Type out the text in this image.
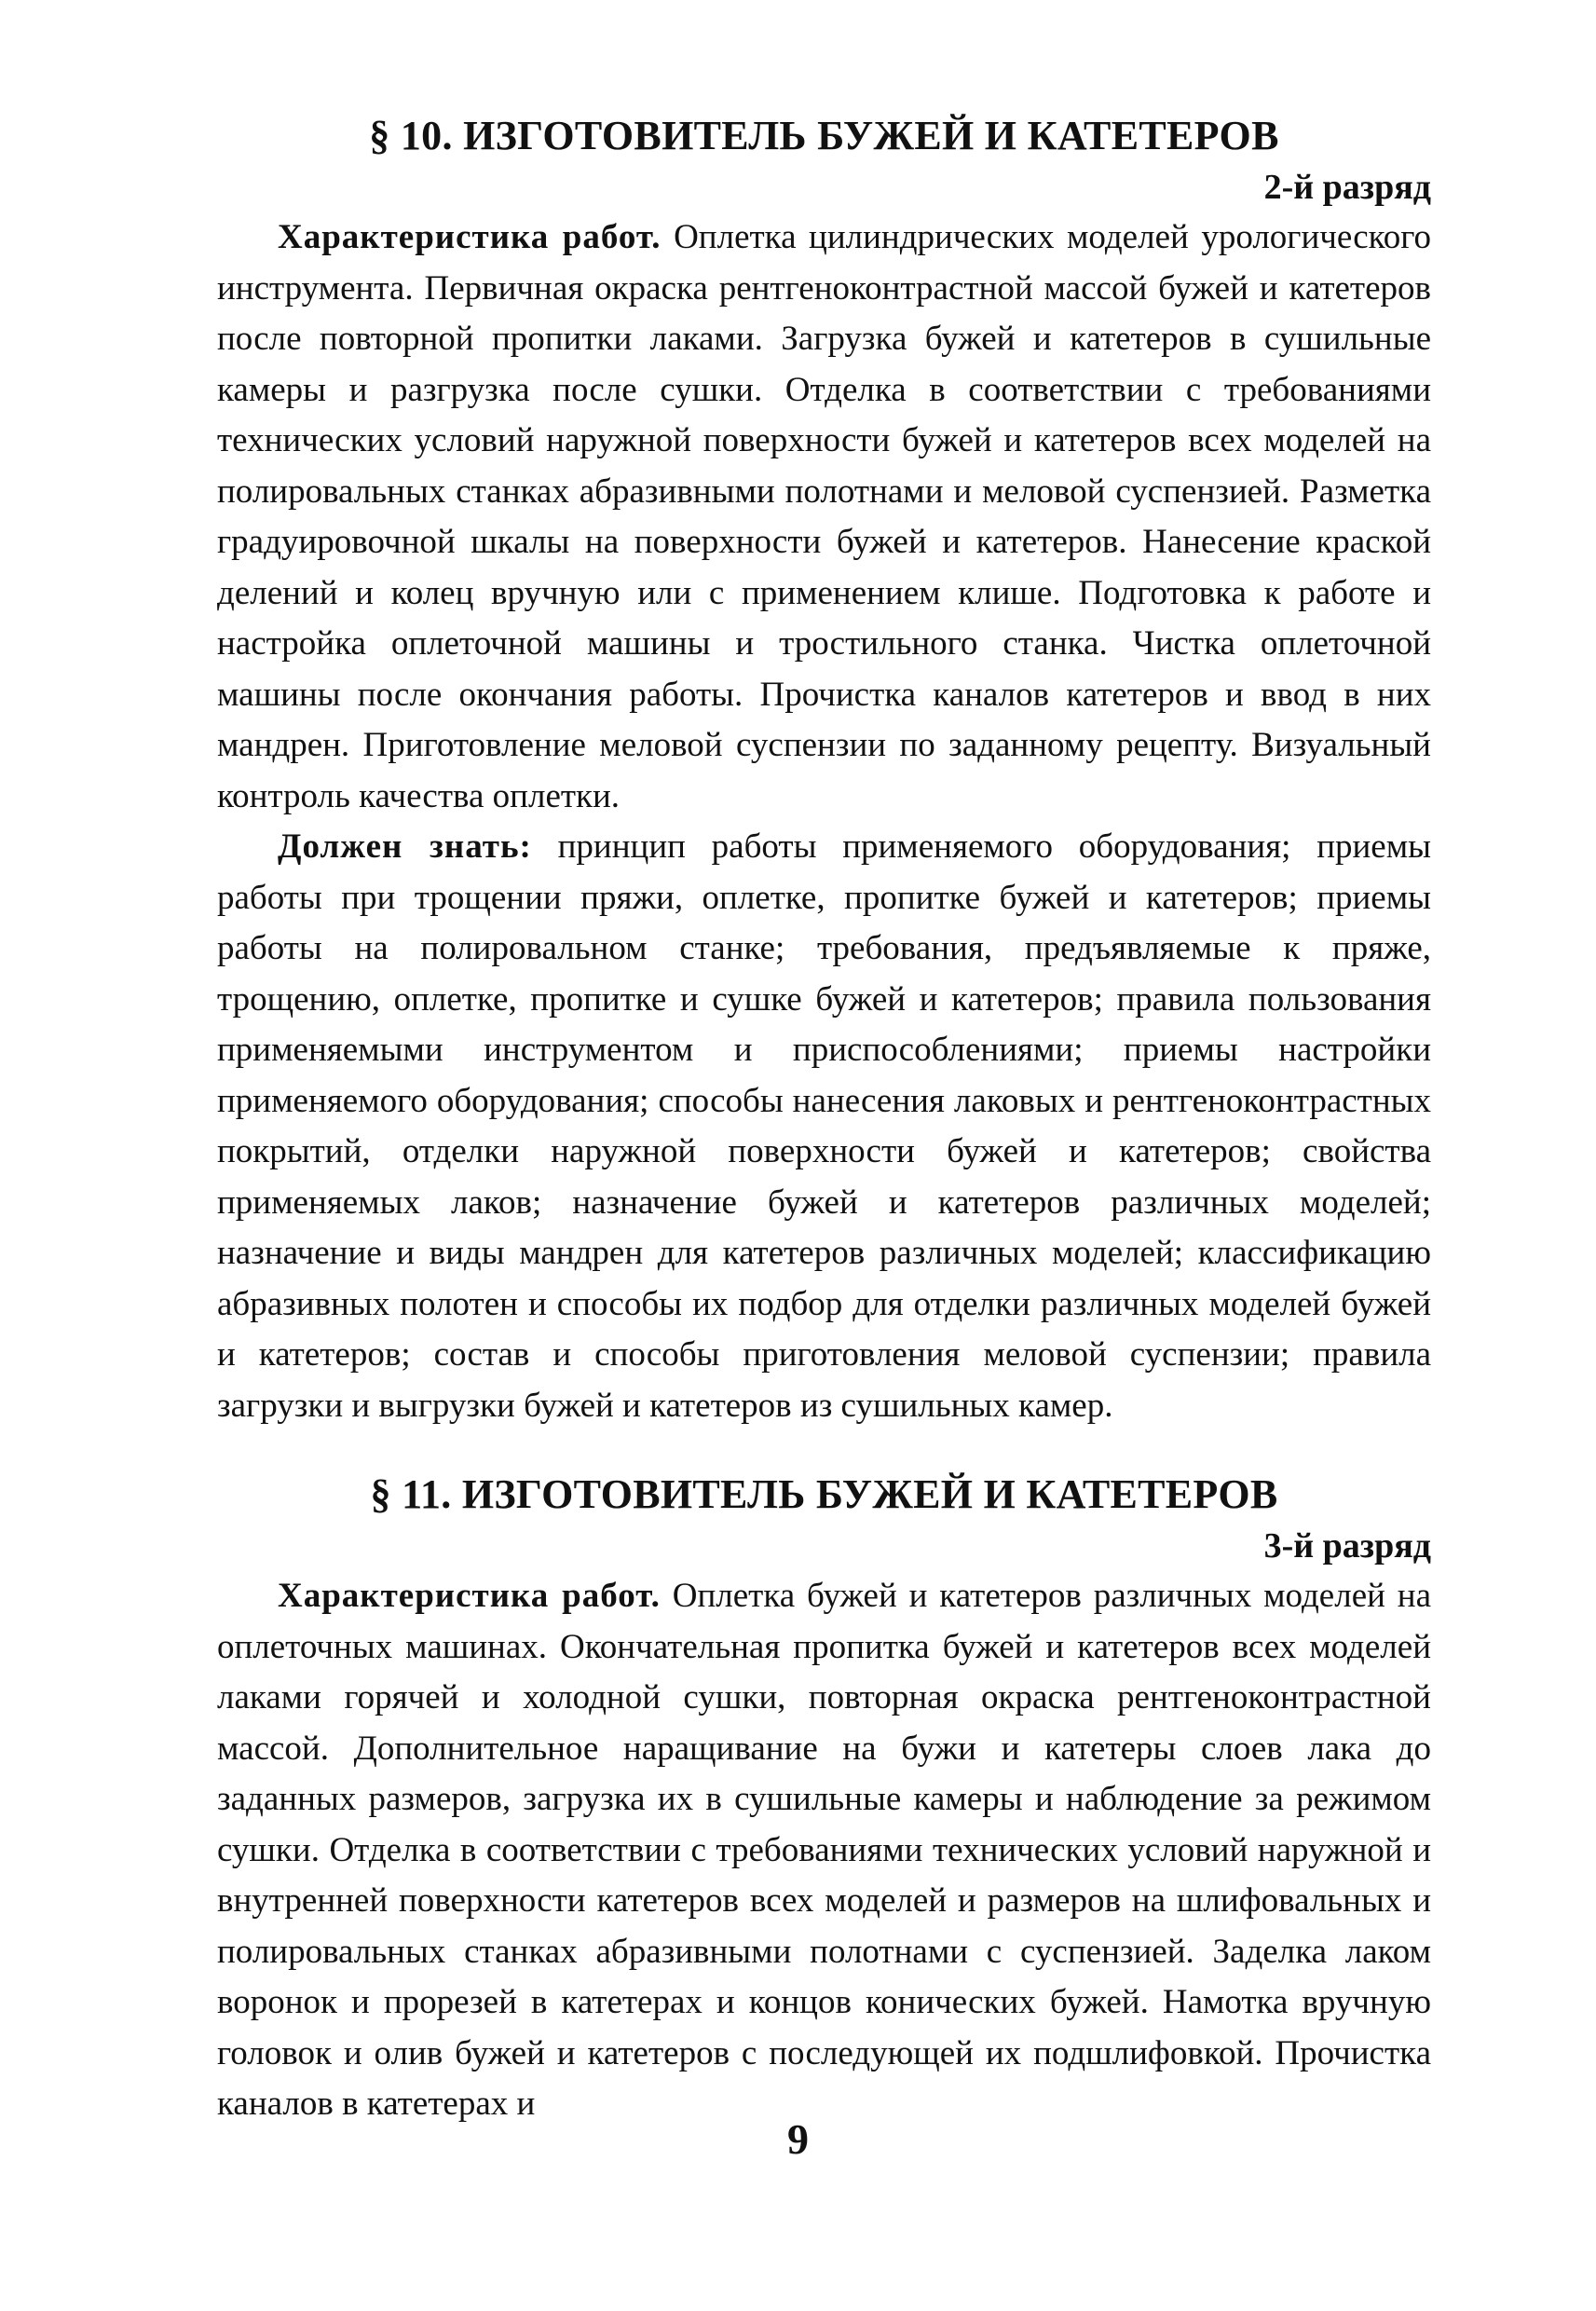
§ 10. ИЗГОТОВИТЕЛЬ БУЖЕЙ И КАТЕТЕРОВ

2-й разряд

Характеристика работ. Оплетка цилиндрических моделей урологического инструмента. Первичная окраска рентгеноконтрастной массой бужей и катетеров после повторной пропитки лаками. Загрузка бужей и катетеров в сушильные камеры и разгрузка после сушки. Отделка в соответствии с требованиями технических условий наружной поверхности бужей и катетеров всех моделей на полировальных станках абразивными полотнами и меловой суспензией. Разметка градуировочной шкалы на поверхности бужей и катетеров. Нанесение краской делений и колец вручную или с применением клише. Подготовка к работе и настройка оплеточной машины и тростильного станка. Чистка оплеточной машины после окончания работы. Прочистка каналов катетеров и ввод в них мандрен. Приготовление меловой суспензии по заданному рецепту. Визуальный контроль качества оплетки.

Должен знать: принцип работы применяемого оборудования; приемы работы при трощении пряжи, оплетке, пропитке бужей и катетеров; приемы работы на полировальном станке; требования, предъявляемые к пряже, трощению, оплетке, пропитке и сушке бужей и катетеров; правила пользования применяемыми инструментом и приспособлениями; приемы настройки применяемого оборудования; способы нанесения лаковых и рентгеноконтрастных покрытий, отделки наружной поверхности бужей и катетеров; свойства применяемых лаков; назначение бужей и катетеров различных моделей; назначение и виды мандрен для катетеров различных моделей; классификацию абразивных полотен и способы их подбор для отделки различных моделей бужей и катетеров; состав и способы приготовления меловой суспензии; правила загрузки и выгрузки бужей и катетеров из сушильных камер.

§ 11. ИЗГОТОВИТЕЛЬ БУЖЕЙ И КАТЕТЕРОВ

3-й разряд

Характеристика работ. Оплетка бужей и катетеров различных моделей на оплеточных машинах. Окончательная пропитка бужей и катетеров всех моделей лаками горячей и холодной сушки, повторная окраска рентгеноконтрастной массой. Дополнительное наращивание на бужи и катетеры слоев лака до заданных размеров, загрузка их в сушильные камеры и наблюдение за режимом сушки. Отделка в соответствии с требованиями технических условий наружной и внутренней поверхности катетеров всех моделей и размеров на шлифовальных и полировальных станках абразивными полотнами с суспензией. Заделка лаком воронок и прорезей в катетерах и концов конических бужей. Намотка вручную головок и олив бужей и катетеров с последующей их подшлифовкой. Прочистка каналов в катетерах и

9
